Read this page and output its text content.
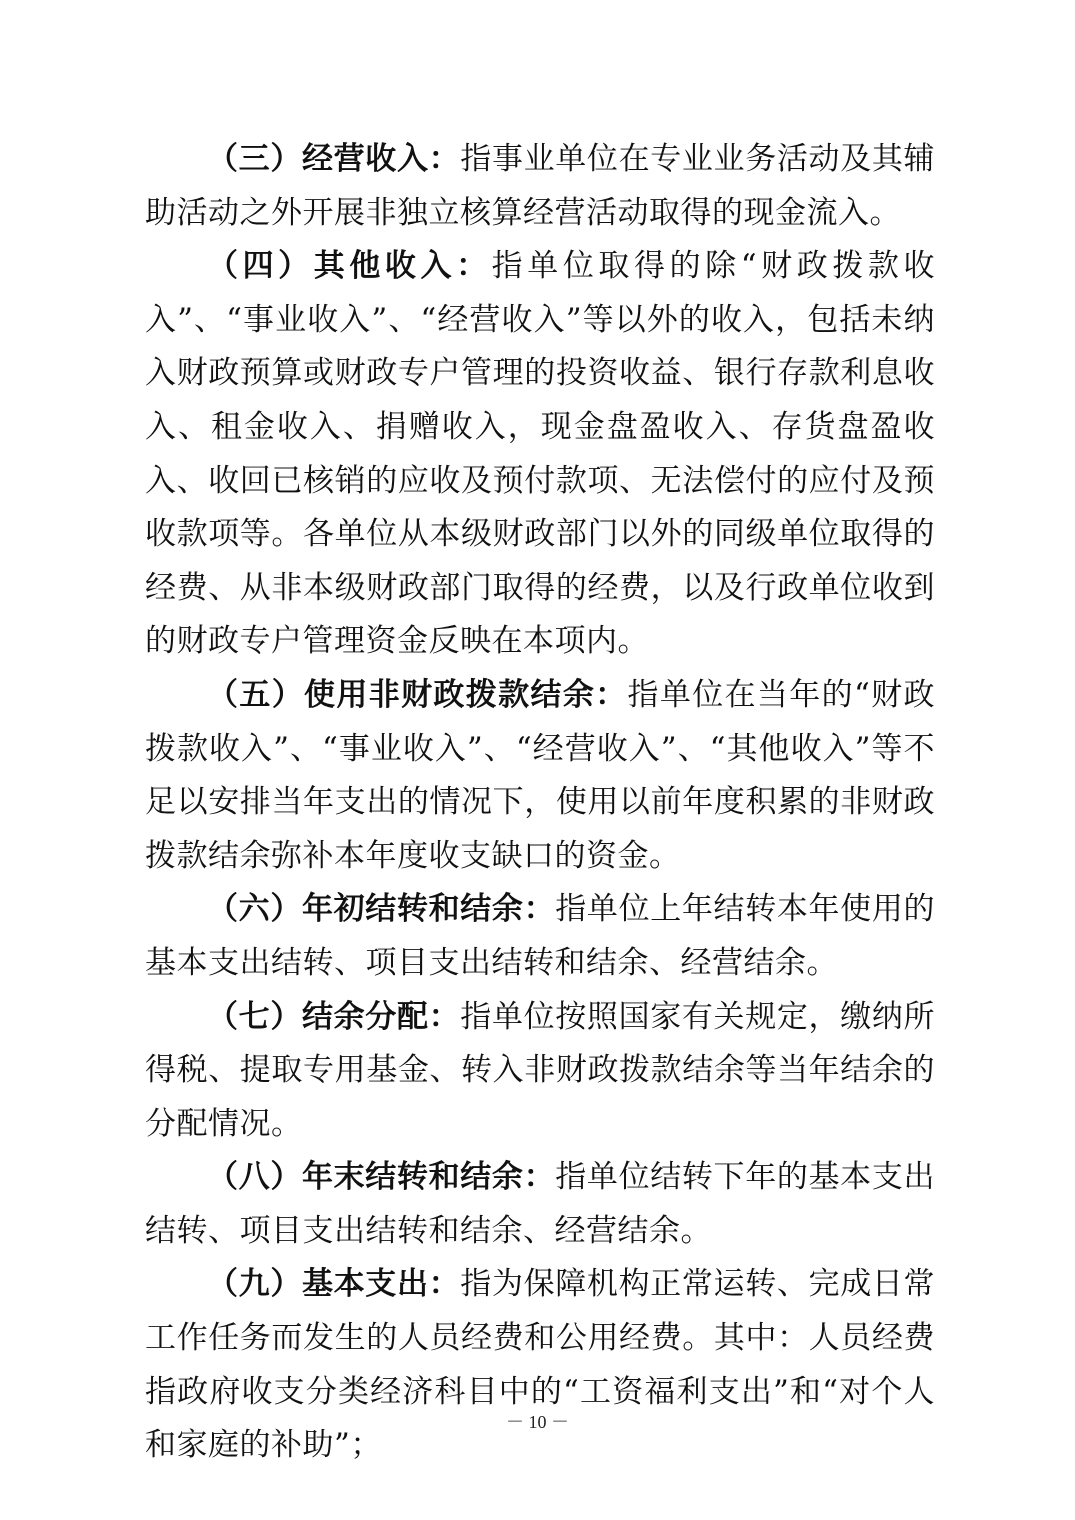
（三）经营收入：指事业单位在专业业务活动及其辅助活动之外开展非独立核算经营活动取得的现金流入。

（四）其他收入：指单位取得的除“财政拨款收入”、“事业收入”、“经营收入”等以外的收入，包括未纳入财政预算或财政专户管理的投资收益、银行存款利息收入、租金收入、捐赠收入，现金盘盈收入、存货盘盈收入、收回已核销的应收及预付款项、无法偿付的应付及预收款项等。各单位从本级财政部门以外的同级单位取得的经费、从非本级财政部门取得的经费，以及行政单位收到的财政专户管理资金反映在本项内。

（五）使用非财政拨款结余：指单位在当年的“财政拨款收入”、“事业收入”、“经营收入”、“其他收入”等不足以安排当年支出的情况下，使用以前年度积累的非财政拨款结余弥补本年度收支缺口的资金。

（六）年初结转和结余：指单位上年结转本年使用的基本支出结转、项目支出结转和结余、经营结余。

（七）结余分配：指单位按照国家有关规定，缴纳所得税、提取专用基金、转入非财政拨款结余等当年结余的分配情况。

（八）年末结转和结余：指单位结转下年的基本支出结转、项目支出结转和结余、经营结余。

（九）基本支出：指为保障机构正常运转、完成日常工作任务而发生的人员经费和公用经费。其中：人员经费指政府收支分类经济科目中的“工资福利支出”和“对个人和家庭的补助”；

－ 10 －
